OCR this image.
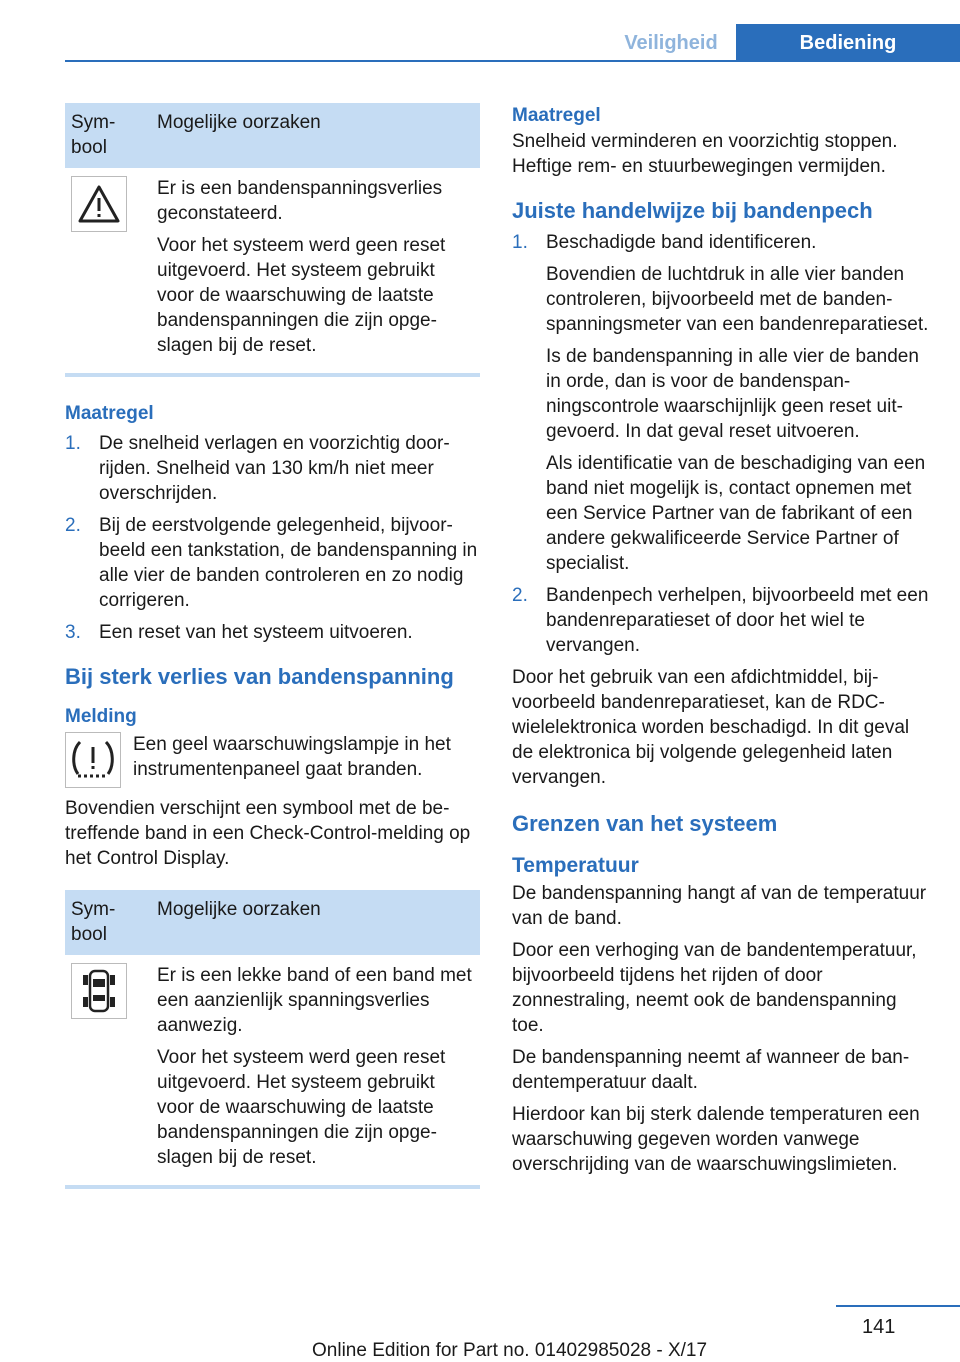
Veiligheid	Bediening
Sym-
bool	Mogelijke oorzaken

Er is een bandenspanningsverlies geconstateerd.

Voor het systeem werd geen reset uitgevoerd. Het systeem gebruikt voor de waarschuwing de laatste bandenspanningen die zijn opgeslagen bij de reset.

Maatregel

1. De snelheid verlagen en voorzichtig doorrijden. Snelheid van 130 km/h niet meer overschrijden.
2. Bij de eerstvolgende gelegenheid, bijvoorbeeld een tankstation, de bandenspanning in alle vier de banden controleren en zo nodig corrigeren.
3. Een reset van het systeem uitvoeren.

Bij sterk verlies van bandenspanning

Melding

Een geel waarschuwingslampje in het instrumentenpaneel gaat branden.

Bovendien verschijnt een symbool met de betreffende band in een Check-Control-melding op het Control Display.

Sym-
bool	Mogelijke oorzaken

Er is een lekke band of een band met een aanzienlijk spanningsverlies aanwezig.

Voor het systeem werd geen reset uitgevoerd. Het systeem gebruikt voor de waarschuwing de laatste bandenspanningen die zijn opgeslagen bij de reset.

Maatregel

Snelheid verminderen en voorzichtig stoppen. Heftige rem- en stuurbewegingen vermijden.

Juiste handelwijze bij bandenpech

1. Beschadigde band identificeren.

Bovendien de luchtdruk in alle vier banden controleren, bijvoorbeeld met de bandenspanningsmeter van een bandenreparatieset.

Is de bandenspanning in alle vier de banden in orde, dan is voor de bandenspanningscontrole waarschijnlijk geen reset uitgevoerd. In dat geval reset uitvoeren.

Als identificatie van de beschadiging van een band niet mogelijk is, contact opnemen met een Service Partner van de fabrikant of een andere gekwalificeerde Service Partner of specialist.

2. Bandenpech verhelpen, bijvoorbeeld met een bandenreparatieset of door het wiel te vervangen.

Door het gebruik van een afdichtmiddel, bijvoorbeeld bandenreparatieset, kan de RDC-wielelektronica worden beschadigd. In dit geval de elektronica bij volgende gelegenheid laten vervangen.

Grenzen van het systeem

Temperatuur

De bandenspanning hangt af van de temperatuur van de band.

Door een verhoging van de bandentemperatuur, bijvoorbeeld tijdens het rijden of door zonnestraling, neemt ook de bandenspanning toe.

De bandenspanning neemt af wanneer de bandentemperatuur daalt.

Hierdoor kan bij sterk dalende temperaturen een waarschuwing gegeven worden vanwege overschrijding van de waarschuwingslimieten.

141
Online Edition for Part no. 01402985028 - X/17
